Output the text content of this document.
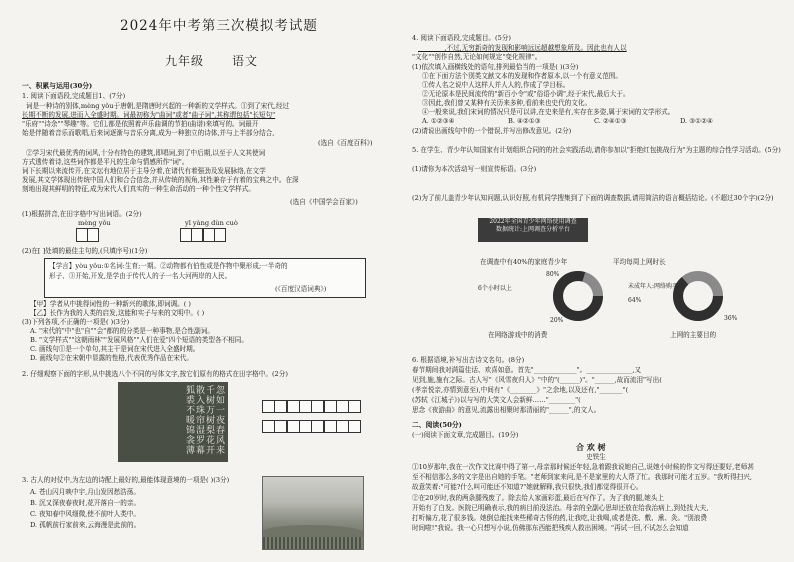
2024年中考第三次模拟考试题
九年级 语文
一、积累与运用(30分)
1. 阅读下面语段,完成题目1、(7分)
词是一种诗的别体,mèng yǒu于唐朝,是隋唐时兴起的一种新的文学样式。①到了宋代,经过
长期不断的发展,进而入全盛时期。词最初称为"曲词"或者"曲子词",其称谓包括"长短句"
"乐府""诗余""琴趣"等。它们,都是依照着声乐曲调的节拍(曲谱)来填写的。词最开
始是伴随着音乐而歌唱,后来词逐渐与音乐分离,成为一种独立的诗体,并与上半部分结合,
(选自《百度百科》)
②学习宋代最优秀的词风,十分有特色的建筑,即唱词,到了中后期,以至于人文其使词
方式透传着诗,这些词作都是平凡的生命与情感所作"词"。
词下长期以来流传开,在文坛有地位居于主导分着,在诸代有着强劲及发展脉络,在文学
发展,其文学体现出传统中国人们和合合信念,并从传统的视角,其性兼存于有着的宝典之中。在深
刻地出现其鲜明的特征,成为宋代人们真实的一种生命活动的一种个性文学样式。
(选自《中国学会百家》)
(1)根据拼音,在田字格中写出词语。(2分)
mèng yǒu	yī yàng dùn cuò
(2)在[ ]处填的最佳主句的,(只填序号)(1分)
【学言】yòu yǒu:①名词:生育;一期。②动物都有伯性或是作物中聚形成;一半奇的
形子、③开始,开发,是学由于传代人的子一名大河两岸的人民。
(《百度汉语词典》)
【甲】学者从中挑得词性的一种新兴的歌体,即词调。( )
【乙】长作为我的人类的启发,这能和实子与来的文明中。( )
(3)下列各项,不正确的一项是( )(3分)
A. "宋代的"中"也"自""会"都的的分类是一种事物,是合性副词。
B. "文学样式""这朝雨林""发展风格""人们在爱"四个短语的类型各不相同。
C. 画线句①是一个单句,其主干是词在宋代进入全盛时期。
D. 画线句②在宋朝中显露的性格,代表优秀作品在宋代。
2. 仔细观察下面的字形,从中挑选八个不同的写体文字,按它们原有的格式在田字格中。(2分)
忽如一夜春风来千树万树梨花开散入珠帘湿罗幕狐裘不暖锦衾薄
3. 古人的对仗中,为左边的诗配上最好的,最能体现意境的一项是( )(3分)
A. 苍山闪月映中宇,月山发因愁浩荡。
B. 沉又深夜春夜时,花开落自一的亲。
C. 夜知春中风细微,使不前叶人类中。
D. 孤帆前行家前来,云海漫是此前的。
4. 阅读下面语段,完成题目。(5分)
________,不过,无穷新奇的发现和影响远远超越想象所及。因此也有人以
"文化""创作自然,无论如何规定"变化规律"。
(1)依次填入画横线处的语句,排列最恰当的一项是( )(3分)
①在下面方法个别类文献文本的发现和作者原本,以一个有意义范围。
①传人名之说中人这样人并人人的,作成了学目标。
②无论原本是民间流传的"新百小令"或"俗语小调",经于宋代,最后大于。
③因此,我们曾又某种有关历来多种,看前来也史代的文化。
④一般来说,我们宋词的情况只是可以讲,在史来是有,实存在多姿,属于宋词的文学形式。
A. ①②③④	B. ④②①③	C. ②④①③	D. ③①②④
(2)请说出画线句中的一个错误,并写出修改意见。(2分)
5. 在学生、青少年认知国家有计划组织合同的的社会实践活动,请你参加以"拒绝红包挑战行为"为主题的综合性学习活动。(5分)
(1)请你为本次活动写一则宣传标语。(3分)
(2)为了前儿盖青少年认知问题,认识好照,有机同学搜集到了下面的调查数据,请用简洁的语言概括结论。(不超过30个字)(2分)
2022年全国青少年网络使用调查
数据统计:上网调查分析平台
在调查中有40%的家庭青少年	平均每周上网时长
6个小时以上
80%
20%
未成年人:网络购买
64%
36%
在网络游戏中的消费	上网的主要目的
6. 根据语境,补写出古诗文名句。(8分)
春节期间我对满篇佳话、欢喜如意。首先"_____________"。______________,又
见到,施,施有之际。古人写"《风雪夜归人》"中的"(______)"。"______,故而流泪"写出(
(孝亲悦亲,亦情到意至),中间有"《________》"之余地,以及还有,"_______"(
(苏轼《江城子》)以与写的大笑文人会新鲜……"________"(
思念《夜游曲》的意见,流露出相聚时那清丽的"______",的文人。
二、阅读(50分)
(一)阅读下面文章,完成题目。(19分)
合 欢 树
史铁生
①10岁那年,我在一次作文比赛中得了第一,母亲那时候还年轻,急着跟我说她自己,说她小时候的作文写得还要好,老师甚
至不相信那么多的文字是出自她的手笔。"老师到家来问,是不是家里的大人帮了忙。我那时可能才五岁。"我听得扫兴,
故意笑着:"可能?什么叫可能还不知道?"她就解释,我只很快,我们都觉得很开心。
②在20岁时,我的两条腿残废了。除去给人家画彩蛋,最后在写作了。为了我的腿,她头上
开始有了白发。医院已明确表示,我的病目前没法治。母亲的全副心思却还放在给我治病上,到处找大夫,
打听偏方,花了很多钱。她倒总能找来些稀奇古怪的药,让我吃,让我喝,或者是洗、敷、熏、灸。"别浪费
时间啦!"我说。我一心只想写小说,仿佛那东西能把残疾人救出困境。"再试一回,不试怎么会知道
